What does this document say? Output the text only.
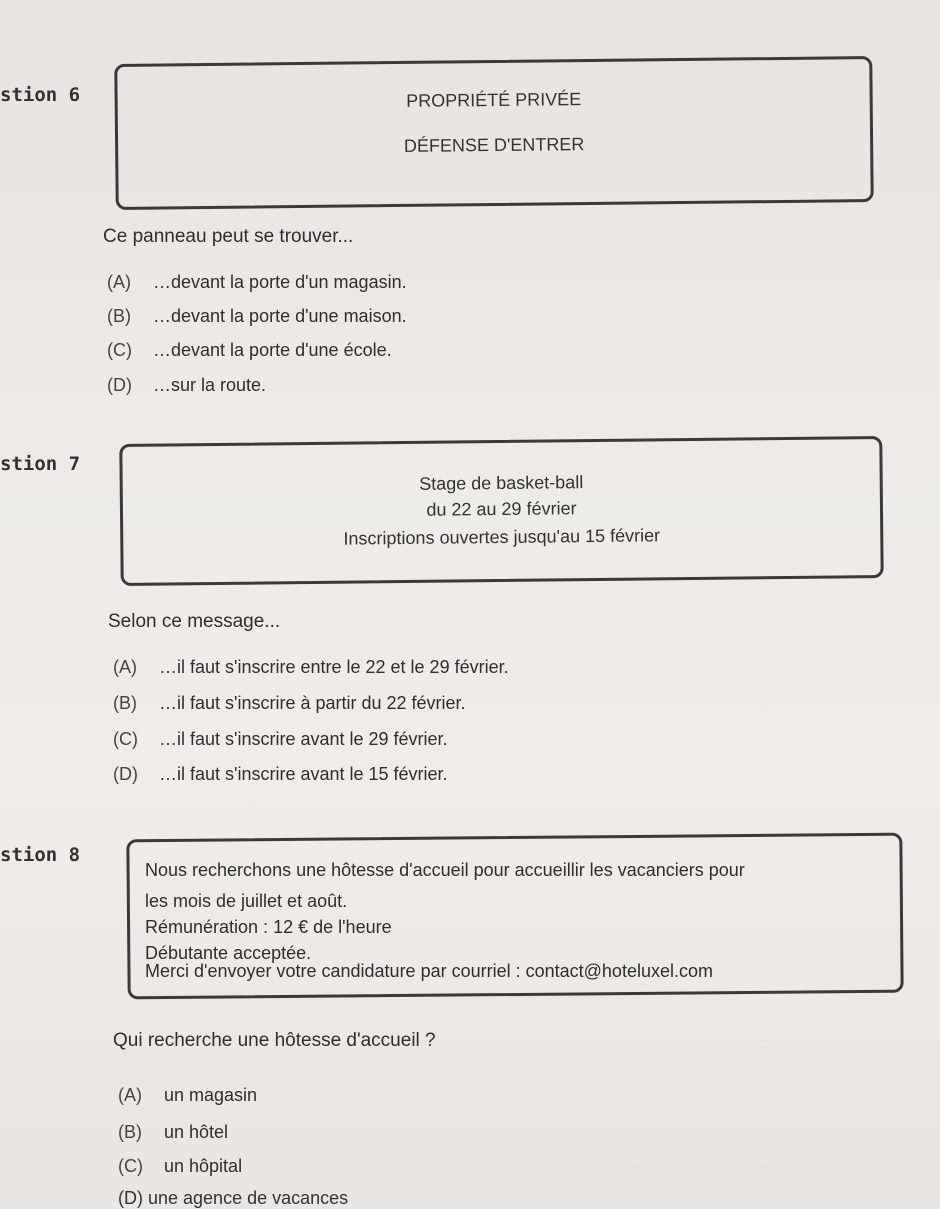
stion 6	PROPRIÉTÉ PRIVÉE
DÉFENSE D'ENTRER
Ce panneau peut se trouver...
(A) …devant la porte d'un magasin.
(B) …devant la porte d'une maison.
(C) …devant la porte d'une école.
(D) …sur la route.
stion 7
Stage de basket-ball
du 22 au 29 février
Inscriptions ouvertes jusqu'au 15 février
Selon ce message...
(A) …il faut s'inscrire entre le 22 et le 29 février.
(B) …il faut s'inscrire à partir du 22 février.
(C) …il faut s'inscrire avant le 29 février.
(D) …il faut s'inscrire avant le 15 février.
stion 8
Nous recherchons une hôtesse d'accueil pour accueillir les vacanciers pour
les mois de juillet et août.
Rémunération : 12 € de l'heure
Débutante acceptée.
Merci d'envoyer votre candidature par courriel : contact@hoteluxel.com
Qui recherche une hôtesse d'accueil ?
(A) un magasin
(B) un hôtel
(C) un hôpital
(D) une agence de vacances
